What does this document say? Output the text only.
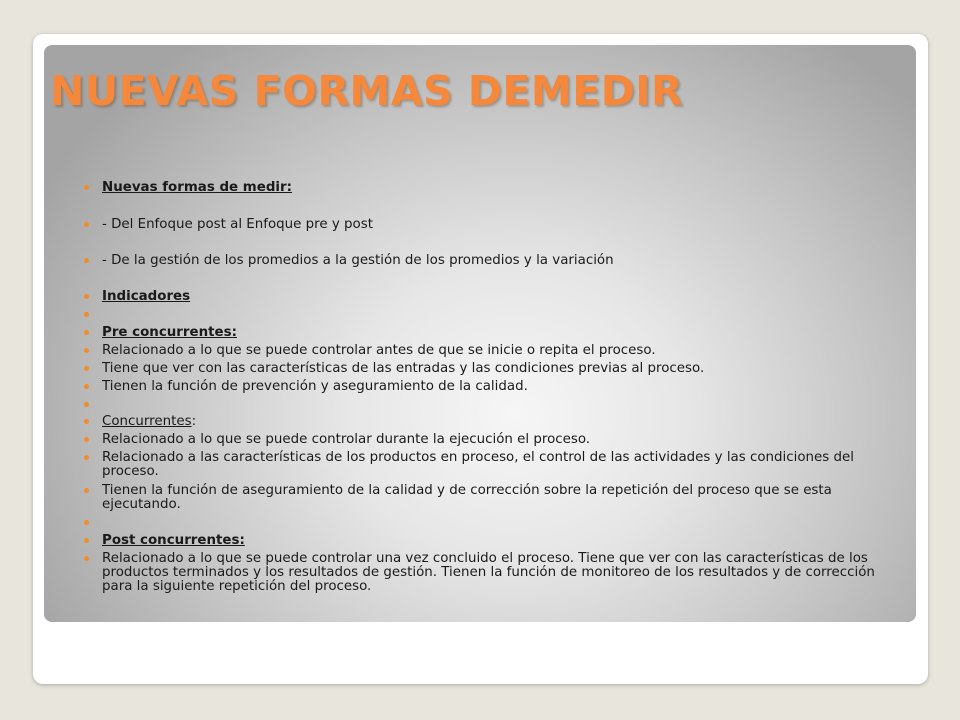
NUEVAS FORMAS DEMEDIR
Nuevas formas de medir:
- Del Enfoque post al Enfoque pre y post
- De la gestión de los promedios a la gestión de los promedios y la variación
Indicadores
Pre concurrentes:
Relacionado a lo que se puede controlar antes de que se inicie o repita el proceso.
Tiene que ver con las características de las entradas y las condiciones previas al proceso.
Tienen la función de prevención y aseguramiento de la calidad.
Concurrentes:
Relacionado a lo que se puede controlar durante la ejecución el proceso.
Relacionado a las características de los productos en proceso, el control de las actividades y las condiciones del proceso.
Tienen la función de aseguramiento de la calidad y de corrección sobre la repetición del proceso que se esta ejecutando.
Post concurrentes:
Relacionado a lo que se puede controlar una vez concluido el proceso. Tiene que ver con las características de los productos terminados y los resultados de gestión. Tienen la función de monitoreo de los resultados y de corrección para la siguiente repetición del proceso.
